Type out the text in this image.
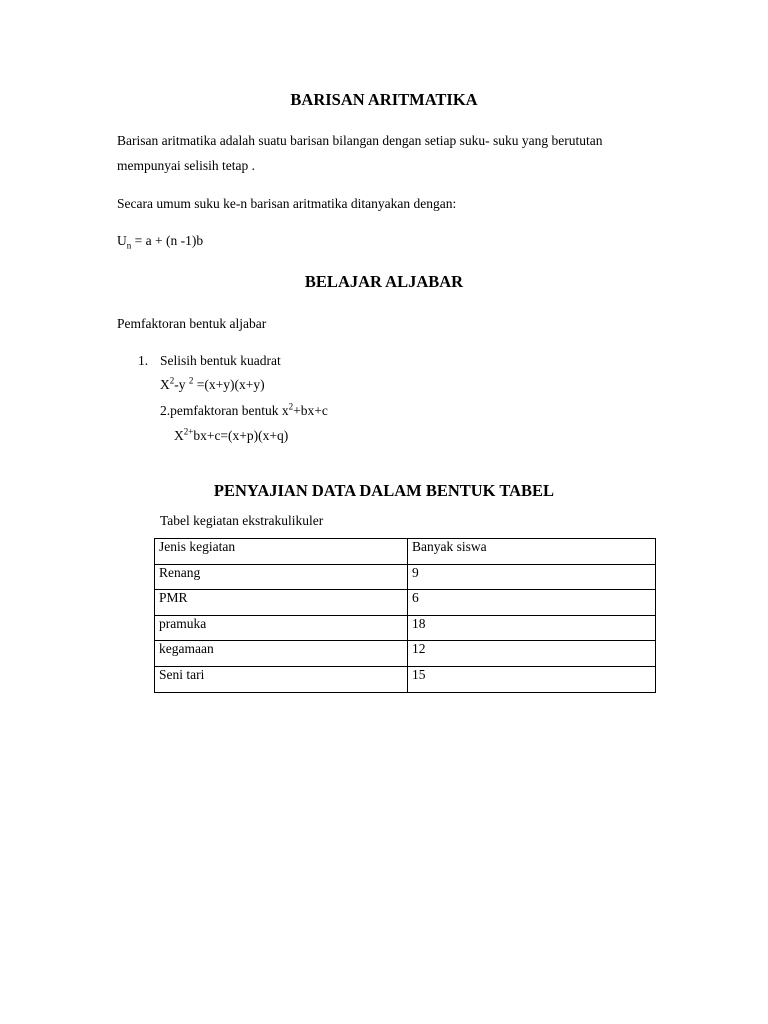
BARISAN ARITMATIKA
Barisan aritmatika adalah suatu barisan bilangan dengan setiap suku- suku yang berututan
mempunyai selisih tetap .
Secara umum suku ke-n barisan aritmatika ditanyakan dengan:
$U_n = a + (n$ -1)b
BELAJAR ALJABAR
Pemfaktoran bentuk aljabar
1. Selisih bentuk kuadrat
$X^2-y$ $^2$ =(x+y)(x+y)
2.pemfaktoran bentuk $x^2+bx+c$
$X^{2+}bx+c=(x+p)(x+q)$
PENYAJIAN DATA DALAM BENTUK TABEL
Tabel kegiatan ekstrakulikuler
Jenis kegiatan	Banyak siswa
Renang	9
PMR	6
pramuka	18
kegamaan	12
Seni tari	15
